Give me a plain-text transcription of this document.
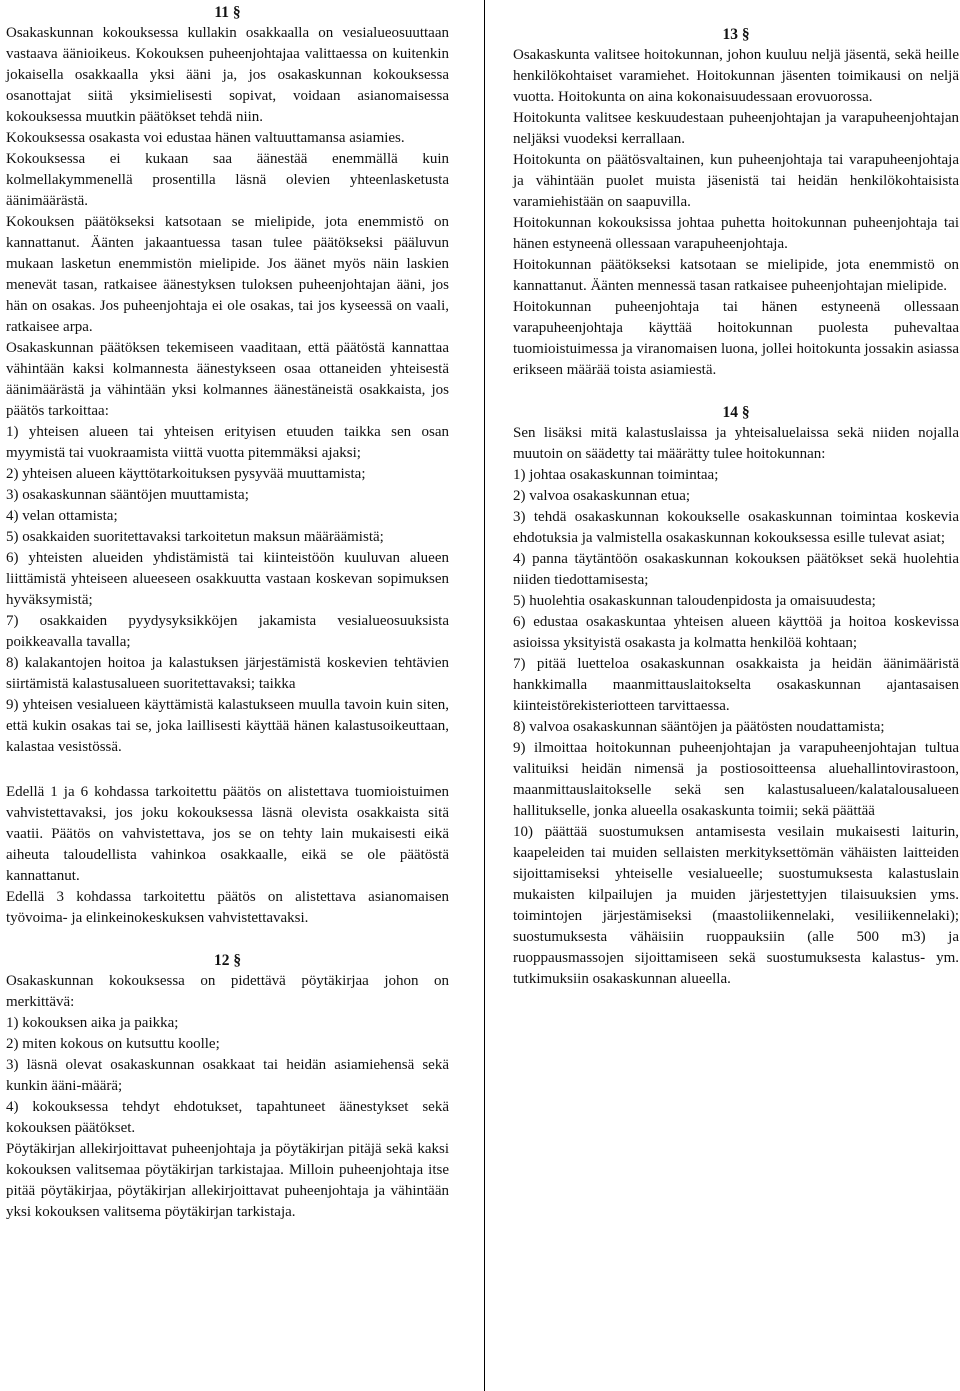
11 §

Osakaskunnan kokouksessa kullakin osakkaalla on vesialueosuuttaan vastaava äänioikeus. Kokouksen puheenjohtajaa valittaessa on kuitenkin jokaisella osakkaalla yksi ääni ja, jos osakaskunnan kokouksessa osanottajat siitä yksimielisesti sopivat, voidaan asianomaisessa kokouksessa muutkin päätökset tehdä niin.

Kokouksessa osakasta voi edustaa hänen valtuuttamansa asiamies.

Kokouksessa ei kukaan saa äänestää enemmällä kuin kolmellakymmenellä prosentilla läsnä olevien yhteenlasketusta äänimäärästä.

Kokouksen päätökseksi katsotaan se mielipide, jota enemmistö on kannattanut. Äänten jakaantuessa tasan tulee päätökseksi pääluvun mukaan lasketun enemmistön mielipide. Jos äänet myös näin laskien menevät tasan, ratkaisee äänestyksen tuloksen puheenjohtajan ääni, jos hän on osakas. Jos puheenjohtaja ei ole osakas, tai jos kyseessä on vaali, ratkaisee arpa.

Osakaskunnan päätöksen tekemiseen vaaditaan, että päätöstä kannattaa vähintään kaksi kolmannesta äänestykseen osaa ottaneiden yhteisestä äänimäärästä ja vähintään yksi kolmannes äänestäneistä osakkaista, jos päätös tarkoittaa:

1) yhteisen alueen tai yhteisen erityisen etuuden taikka sen osan myymistä tai vuokraamista viittä vuotta pitemmäksi ajaksi;

2) yhteisen alueen käyttötarkoituksen pysyvää muuttamista;

3) osakaskunnan sääntöjen muuttamista;

4) velan ottamista;

5) osakkaiden suoritettavaksi tarkoitetun maksun määräämistä;

6) yhteisten alueiden yhdistämistä tai kiinteistöön kuuluvan alueen liittämistä yhteiseen alueeseen osakkuutta vastaan koskevan sopimuksen hyväksymistä;

7) osakkaiden pyydysyksikköjen jakamista vesialueosuuksista poikkeavalla tavalla;

8) kalakantojen hoitoa ja kalastuksen järjestämistä koskevien tehtävien siirtämistä kalastusalueen suoritettavaksi; taikka

9) yhteisen vesialueen käyttämistä kalastukseen muulla tavoin kuin siten, että kukin osakas tai se, joka laillisesti käyttää hänen kalastusoikeuttaan, kalastaa vesistössä.

Edellä 1 ja 6 kohdassa tarkoitettu päätös on alistettava tuomioistuimen vahvistettavaksi, jos joku kokouksessa läsnä olevista osakkaista sitä vaatii. Päätös on vahvistettava, jos se on tehty lain mukaisesti eikä aiheuta taloudellista vahinkoa osakkaalle, eikä se ole päätöstä kannattanut.

Edellä 3 kohdassa tarkoitettu päätös on alistettava asianomaisen työvoima- ja elinkeinokeskuksen vahvistettavaksi.

12 §

Osakaskunnan kokouksessa on pidettävä pöytäkirjaa johon on merkittävä:

1) kokouksen aika ja paikka;

2) miten kokous on kutsuttu koolle;

3) läsnä olevat osakaskunnan osakkaat tai heidän asiamiehensä sekä kunkin ääni-määrä;

4) kokouksessa tehdyt ehdotukset, tapahtuneet äänestykset sekä kokouksen päätökset.

Pöytäkirjan allekirjoittavat puheenjohtaja ja pöytäkirjan pitäjä sekä kaksi kokouksen valitsemaa pöytäkirjan tarkistajaa. Milloin puheenjohtaja itse pitää pöytäkirjaa, pöytäkirjan allekirjoittavat puheenjohtaja ja vähintään yksi kokouksen valitsema pöytäkirjan tarkistaja.

13 §

Osakaskunta valitsee hoitokunnan, johon kuuluu neljä jäsentä, sekä heille henkilökohtaiset varamiehet. Hoitokunnan jäsenten toimikausi on neljä vuotta. Hoitokunta on aina kokonaisuudessaan erovuorossa.

Hoitokunta valitsee keskuudestaan puheenjohtajan ja varapuheenjohtajan neljäksi vuodeksi kerrallaan.

Hoitokunta on päätösvaltainen, kun puheenjohtaja tai varapuheenjohtaja ja vähintään puolet muista jäsenistä tai heidän henkilökohtaisista varamiehistään on saapuvilla.

Hoitokunnan kokouksissa johtaa puhetta hoitokunnan puheenjohtaja tai hänen estyneenä ollessaan varapuheenjohtaja.

Hoitokunnan päätökseksi katsotaan se mielipide, jota enemmistö on kannattanut. Äänten mennessä tasan ratkaisee puheenjohtajan mielipide.

Hoitokunnan puheenjohtaja tai hänen estyneenä ollessaan varapuheenjohtaja käyttää hoitokunnan puolesta puhevaltaa tuomioistuimessa ja viranomaisen luona, jollei hoitokunta jossakin asiassa erikseen määrää toista asiamiestä.

14 §

Sen lisäksi mitä kalastuslaissa ja yhteisaluelaissa sekä niiden nojalla muutoin on säädetty tai määrätty tulee hoitokunnan:

1) johtaa osakaskunnan toimintaa;

2) valvoa osakaskunnan etua;

3) tehdä osakaskunnan kokoukselle osakaskunnan toimintaa koskevia ehdotuksia ja valmistella osakaskunnan kokouksessa esille tulevat asiat;

4) panna täytäntöön osakaskunnan kokouksen päätökset sekä huolehtia niiden tiedottamisesta;

5) huolehtia osakaskunnan taloudenpidosta ja omaisuudesta;

6) edustaa osakaskuntaa yhteisen alueen käyttöä ja hoitoa koskevissa asioissa yksityistä osakasta ja kolmatta henkilöä kohtaan;

7) pitää luetteloa osakaskunnan osakkaista ja heidän äänimääristä hankkimalla maanmittauslaitokselta osakaskunnan ajantasaisen kiinteistörekisteriotteen tarvittaessa.

8) valvoa osakaskunnan sääntöjen ja päätösten noudattamista;

9) ilmoittaa hoitokunnan puheenjohtajan ja varapuheenjohtajan tultua valituiksi heidän nimensä ja postiosoitteensa aluehallintovirastoon, maanmittauslaitokselle sekä sen kalastusalueen/kalatalousalueen hallitukselle, jonka alueella osakaskunta toimii; sekä päättää

10) päättää suostumuksen antamisesta vesilain mukaisesti laiturin, kaapeleiden tai muiden sellaisten merkityksettömän vähäisten laitteiden sijoittamiseksi yhteiselle vesialueelle; suostumuksesta kalastuslain mukaisten kilpailujen ja muiden järjestettyjen tilaisuuksien yms. toimintojen järjestämiseksi (maastoliikennelaki, vesiliikennelaki); suostumuksesta vähäisiin ruoppauksiin (alle 500 m3) ja ruoppausmassojen sijoittamiseen sekä suostumuksesta kalastus- ym. tutkimuksiin osakaskunnan alueella.
